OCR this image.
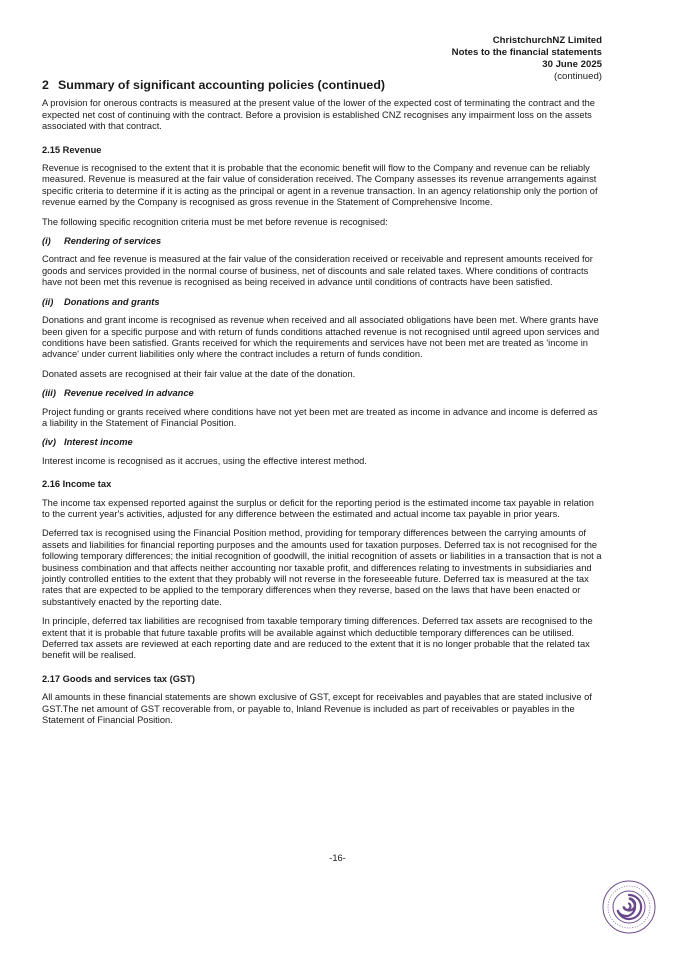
ChristchurchNZ Limited
Notes to the financial statements
30 June 2025
(continued)
2 Summary of significant accounting policies (continued)
A provision for onerous contracts is measured at the present value of the lower of the expected cost of terminating the contract and the expected net cost of continuing with the contract. Before a provision is established CNZ recognises any impairment loss on the assets associated with that contract.
2.15 Revenue
Revenue is recognised to the extent that it is probable that the economic benefit will flow to the Company and revenue can be reliably measured. Revenue is measured at the fair value of consideration received. The Company assesses its revenue arrangements against specific criteria to determine if it is acting as the principal or agent in a revenue transaction. In an agency relationship only the portion of revenue earned by the Company is recognised as gross revenue in the Statement of Comprehensive Income.
The following specific recognition criteria must be met before revenue is recognised:
(i) Rendering of services
Contract and fee revenue is measured at the fair value of the consideration received or receivable and represent amounts received for goods and services provided in the normal course of business, net of discounts and sale related taxes. Where conditions of contracts have not been met this revenue is recognised as being received in advance until conditions of contracts have been satisfied.
(ii) Donations and grants
Donations and grant income is recognised as revenue when received and all associated obligations have been met. Where grants have been given for a specific purpose and with return of funds conditions attached revenue is not recognised until agreed upon services and conditions have been satisfied. Grants received for which the requirements and services have not been met are treated as 'income in advance' under current liabilities only where the contract includes a return of funds condition.
Donated assets are recognised at their fair value at the date of the donation.
(iii) Revenue received in advance
Project funding or grants received where conditions have not yet been met are treated as income in advance and income is deferred as a liability in the Statement of Financial Position.
(iv) Interest income
Interest income is recognised as it accrues, using the effective interest method.
2.16 Income tax
The income tax expensed reported against the surplus or deficit for the reporting period is the estimated income tax payable in relation to the current year's activities, adjusted for any difference between the estimated and actual income tax payable in prior years.
Deferred tax is recognised using the Financial Position method, providing for temporary differences between the carrying amounts of assets and liabilities for financial reporting purposes and the amounts used for taxation purposes. Deferred tax is not recognised for the following temporary differences; the initial recognition of goodwill, the initial recognition of assets or liabilities in a transaction that is not a business combination and that affects neither accounting nor taxable profit, and differences relating to investments in subsidiaries and jointly controlled entities to the extent that they probably will not reverse in the foreseeable future. Deferred tax is measured at the tax rates that are expected to be applied to the temporary differences when they reverse, based on the laws that have been enacted or substantively enacted by the reporting date.
In principle, deferred tax liabilities are recognised from taxable temporary timing differences. Deferred tax assets are recognised to the extent that it is probable that future taxable profits will be available against which deductible temporary differences can be utilised. Deferred tax assets are reviewed at each reporting date and are reduced to the extent that it is no longer probable that the related tax benefit will be realised.
2.17 Goods and services tax (GST)
All amounts in these financial statements are shown exclusive of GST, except for receivables and payables that are stated inclusive of GST.The net amount of GST recoverable from, or payable to, Inland Revenue is included as part of receivables or payables in the Statement of Financial Position.
-16-
